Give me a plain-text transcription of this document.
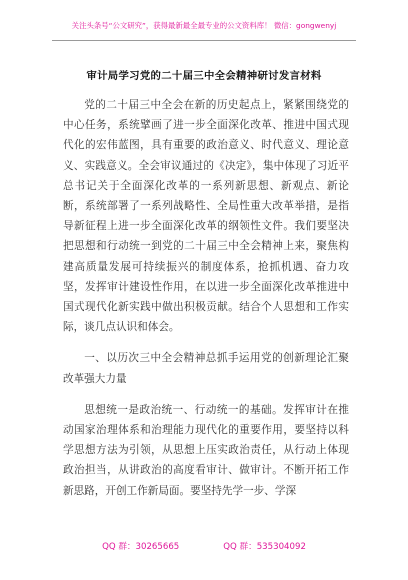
关注头条号“公文研究”，获得最新最全最专业的公文资料库！ 微信：gongwenyj
审计局学习党的二十届三中全会精神研讨发言材料

党的二十届三中全会在新的历史起点上，紧紧围绕党的中心任务，系统擘画了进一步全面深化改革、推进中国式现代化的宏伟蓝图，具有重要的政治意义、时代意义、理论意义、实践意义。全会审议通过的《决定》，集中体现了习近平总书记关于全面深化改革的一系列新思想、新观点、新论断，系统部署了一系列战略性、全局性重大改革举措，是指导新征程上进一步全面深化改革的纲领性文件。我们要坚决把思想和行动统一到党的二十届三中全会精神上来，聚焦构建高质量发展可持续振兴的制度体系，抢抓机遇、奋力攻坚，发挥审计建设性作用，在以进一步全面深化改革推进中国式现代化新实践中做出积极贡献。结合个人思想和工作实际，谈几点认识和体会。

一、以历次三中全会精神总抓手运用党的创新理论汇聚改革强大力量

思想统一是政治统一、行动统一的基础。发挥审计在推动国家治理体系和治理能力现代化的重要作用，要坚持以科学思想方法为引领，从思想上压实政治责任，从行动上体现政治担当，从讲政治的高度看审计、做审计。不断开拓工作新思路，开创工作新局面。要坚持先学一步、学深

QQ 群：30265665	QQ 群：535304092
